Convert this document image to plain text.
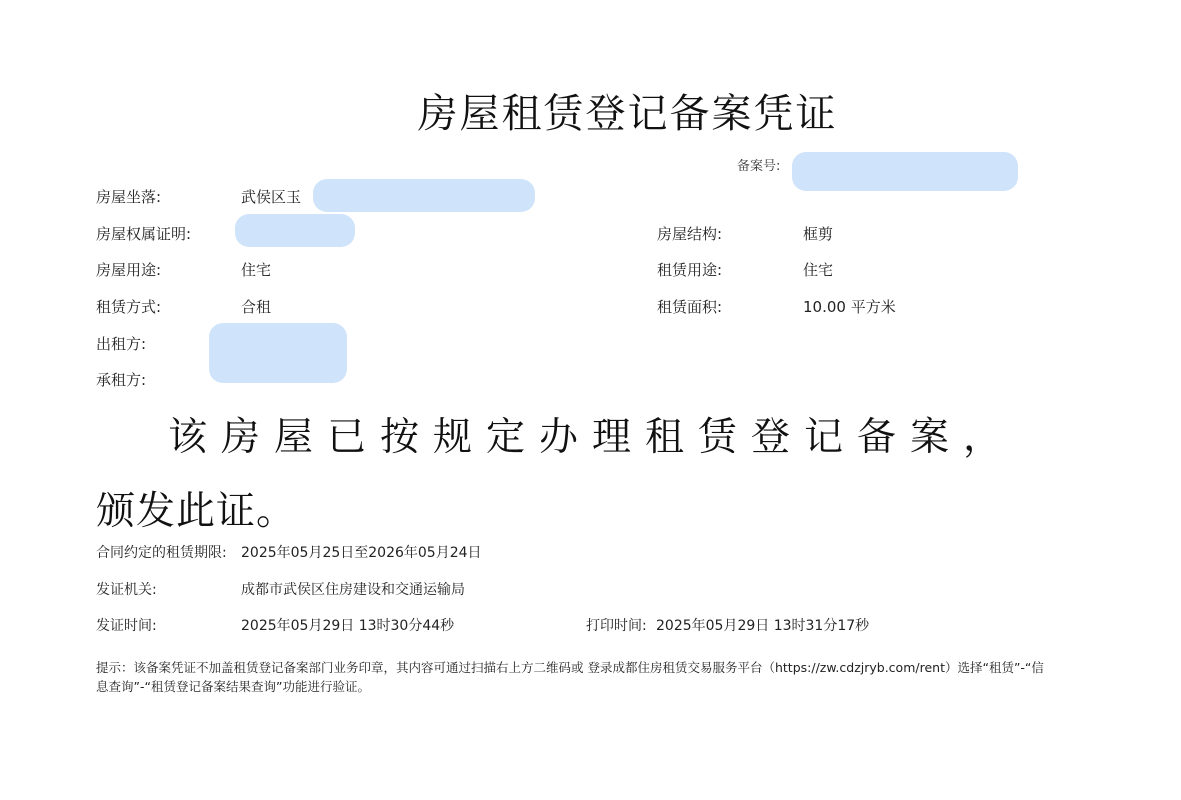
房屋租赁登记备案凭证
备案号:
房屋坐落:	武侯区玉
房屋权属证明:	房屋结构:	框剪
房屋用途:	住宅	租赁用途:	住宅
租赁方式:	合租	租赁面积:	10.00 平方米
出租方:
承租方:
该房屋已按规定办理租赁登记备案，
颁发此证。
合同约定的租赁期限: 2025年05月25日至2026年05月24日
发证机关:	成都市武侯区住房建设和交通运输局
发证时间:	2025年05月29日 13时30分44秒	打印时间: 2025年05月29日 13时31分17秒
提示：该备案凭证不加盖租赁登记备案部门业务印章，其内容可通过扫描右上方二维码或 登录成都住房租赁交易服务平台（https://zw.cdzjryb.com/rent）选择“租赁”-“信息查询”-“租赁登记备案结果查询”功能进行验证。
